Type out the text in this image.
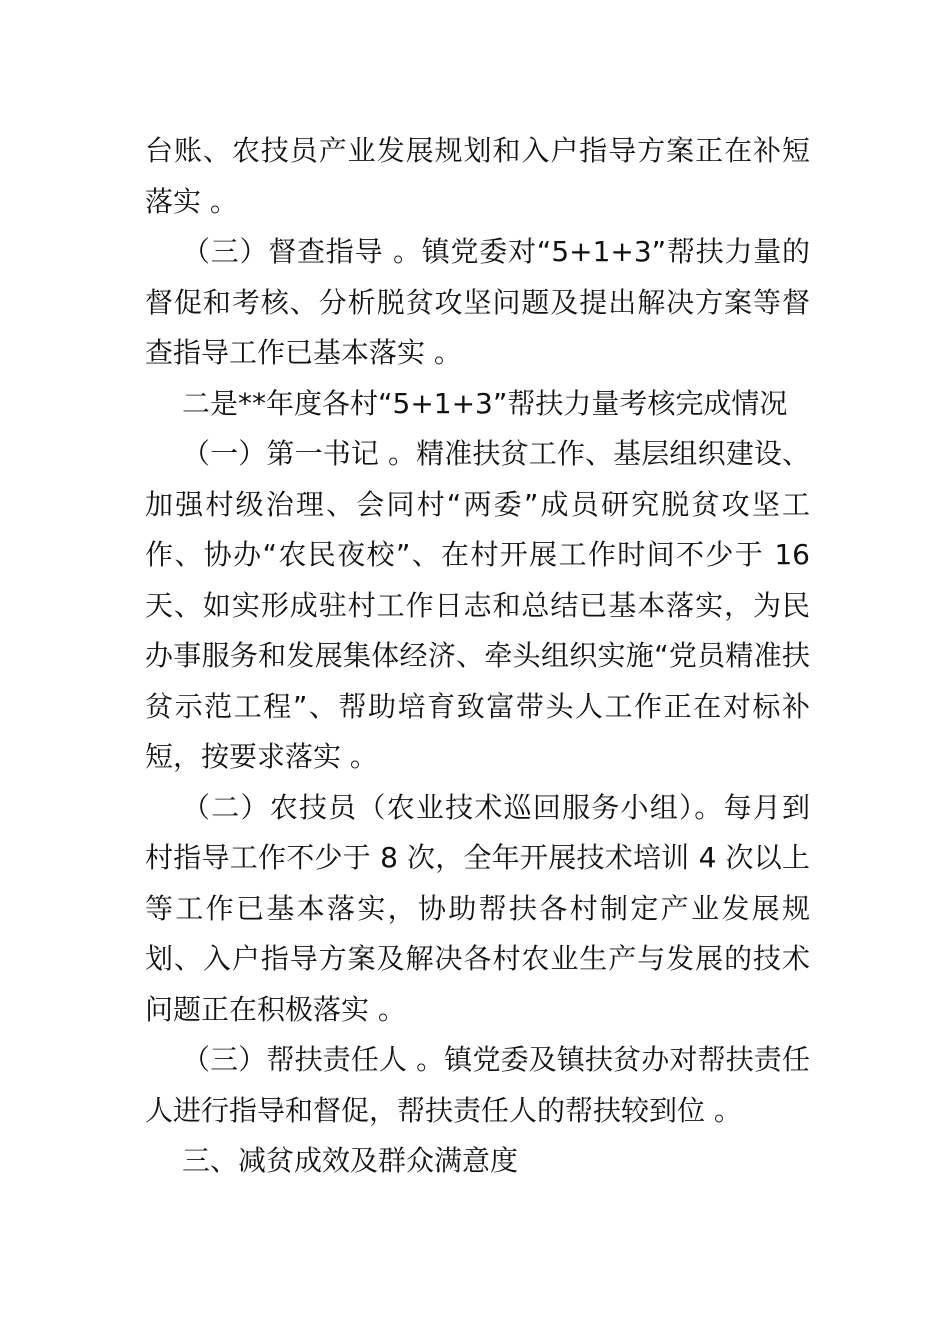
台账、农技员产业发展规划和入户指导方案正在补短落实 。

（三）督查指导 。镇党委对“5+1+3”帮扶力量的督促和考核、分析脱贫攻坚问题及提出解决方案等督查指导工作已基本落实 。

二是**年度各村“5+1+3”帮扶力量考核完成情况

（一）第一书记 。精准扶贫工作、基层组织建设、加强村级治理、会同村“两委”成员研究脱贫攻坚工作、协办“农民夜校”、在村开展工作时间不少于 16 天、如实形成驻村工作日志和总结已基本落实，为民办事服务和发展集体经济、牵头组织实施“党员精准扶贫示范工程”、帮助培育致富带头人工作正在对标补短，按要求落实 。

（二）农技员（农业技术巡回服务小组）。每月到村指导工作不少于 8 次，全年开展技术培训 4 次以上等工作已基本落实，协助帮扶各村制定产业发展规划、入户指导方案及解决各村农业生产与发展的技术问题正在积极落实 。

（三）帮扶责任人 。镇党委及镇扶贫办对帮扶责任人进行指导和督促，帮扶责任人的帮扶较到位 。

三、减贫成效及群众满意度
